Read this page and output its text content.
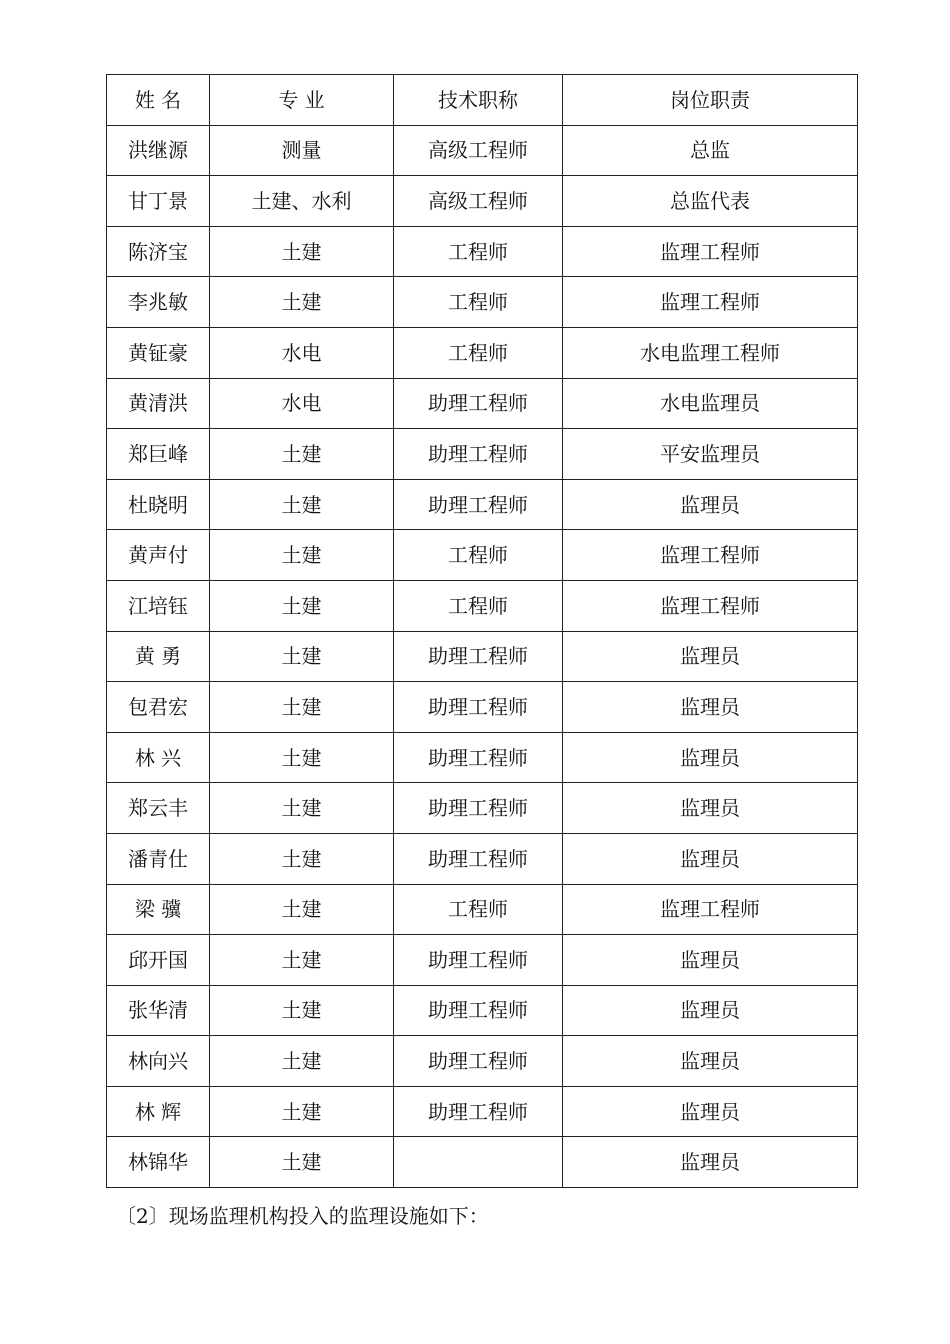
姓 名	专 业	技术职称	岗位职责
洪继源	测量	高级工程师	总监
甘丁景	土建、水利	高级工程师	总监代表
陈济宝	土建	工程师	监理工程师
李兆敏	土建	工程师	监理工程师
黄钲豪	水电	工程师	水电监理工程师
黄清洪	水电	助理工程师	水电监理员
郑巨峰	土建	助理工程师	平安监理员
杜晓明	土建	助理工程师	监理员
黄声付	土建	工程师	监理工程师
江培钰	土建	工程师	监理工程师
黄 勇	土建	助理工程师	监理员
包君宏	土建	助理工程师	监理员
林 兴	土建	助理工程师	监理员
郑云丰	土建	助理工程师	监理员
潘青仕	土建	助理工程师	监理员
梁 骥	土建	工程师	监理工程师
邱开国	土建	助理工程师	监理员
张华清	土建	助理工程师	监理员
林向兴	土建	助理工程师	监理员
林 辉	土建	助理工程师	监理员
林锦华	土建		监理员
〔2〕现场监理机构投入的监理设施如下：
